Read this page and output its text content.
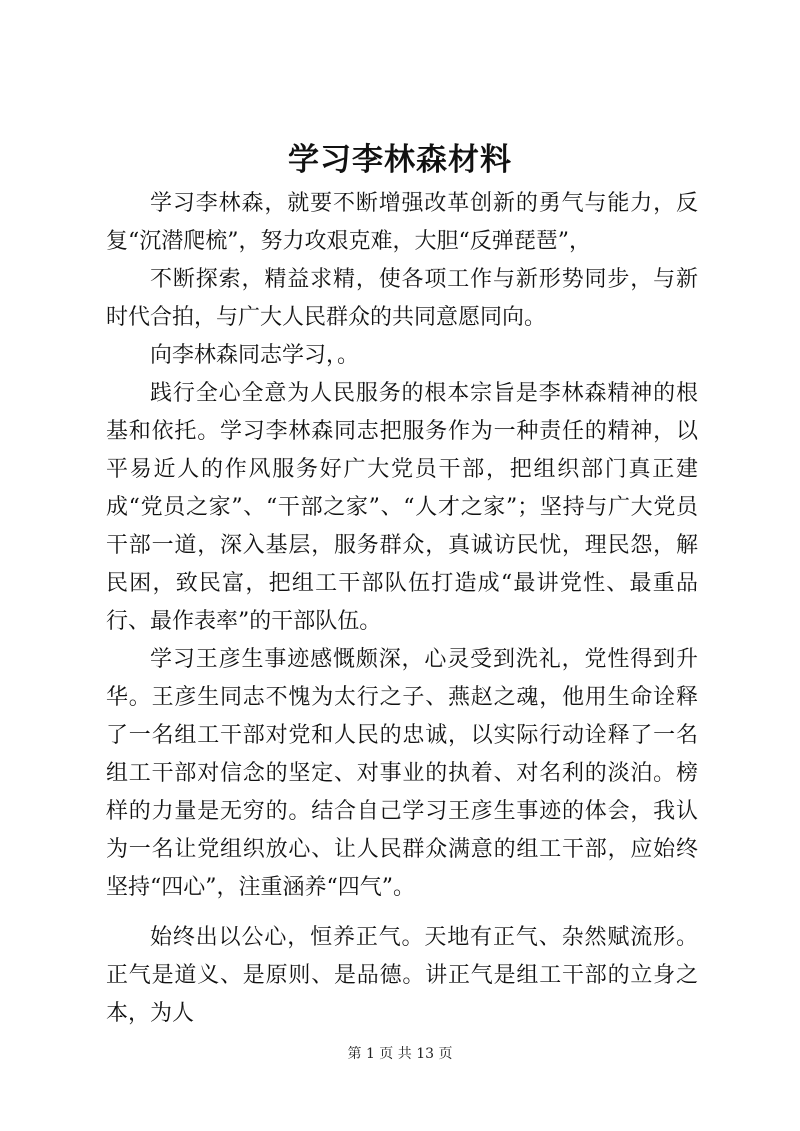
学习李林森材料

学习李林森，就要不断增强改革创新的勇气与能力，反复“沉潜爬梳”，努力攻艰克难，大胆“反弹琵琶”，

不断探索，精益求精，使各项工作与新形势同步，与新时代合拍，与广大人民群众的共同意愿同向。

向李林森同志学习，。

践行全心全意为人民服务的根本宗旨是李林森精神的根基和依托。学习李林森同志把服务作为一种责任的精神，以平易近人的作风服务好广大党员干部，把组织部门真正建成“党员之家”、“干部之家”、“人才之家”；坚持与广大党员干部一道，深入基层，服务群众，真诚访民忧，理民怨，解民困，致民富，把组工干部队伍打造成“最讲党性、最重品行、最作表率”的干部队伍。

学习王彦生事迹感慨颇深，心灵受到洗礼，党性得到升华。王彦生同志不愧为太行之子、燕赵之魂，他用生命诠释了一名组工干部对党和人民的忠诚，以实际行动诠释了一名组工干部对信念的坚定、对事业的执着、对名利的淡泊。榜样的力量是无穷的。结合自己学习王彦生事迹的体会，我认为一名让党组织放心、让人民群众满意的组工干部，应始终坚持“四心”，注重涵养“四气”。

始终出以公心，恒养正气。天地有正气、杂然赋流形。正气是道义、是原则、是品德。讲正气是组工干部的立身之本，为人

第 1 页 共 13 页
